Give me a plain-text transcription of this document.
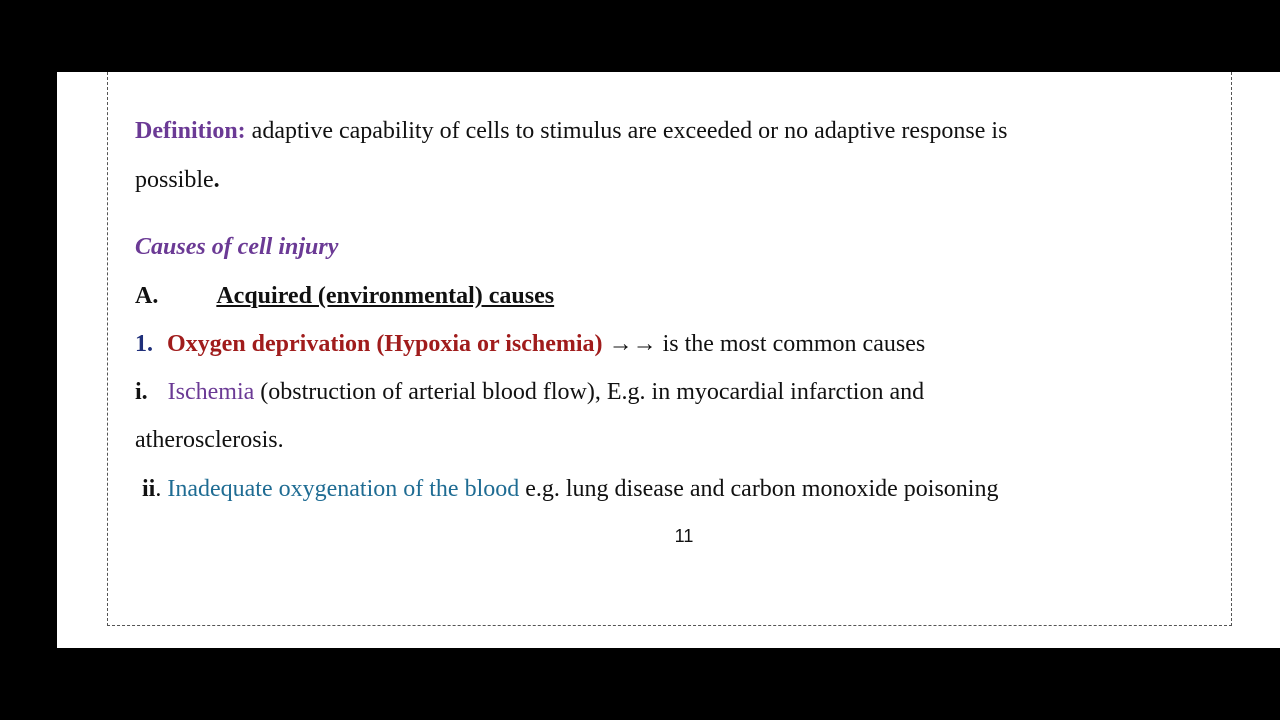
Definition: adaptive capability of cells to stimulus are exceeded or no adaptive response is
possible.
Causes of cell injury
A. Acquired (environmental) causes
1. Oxygen deprivation (Hypoxia or ischemia) →→ is the most common causes
i. Ischemia (obstruction of arterial blood flow), E.g. in myocardial infarction and
atherosclerosis.
ii. Inadequate oxygenation of the blood e.g. lung disease and carbon monoxide poisoning
11
